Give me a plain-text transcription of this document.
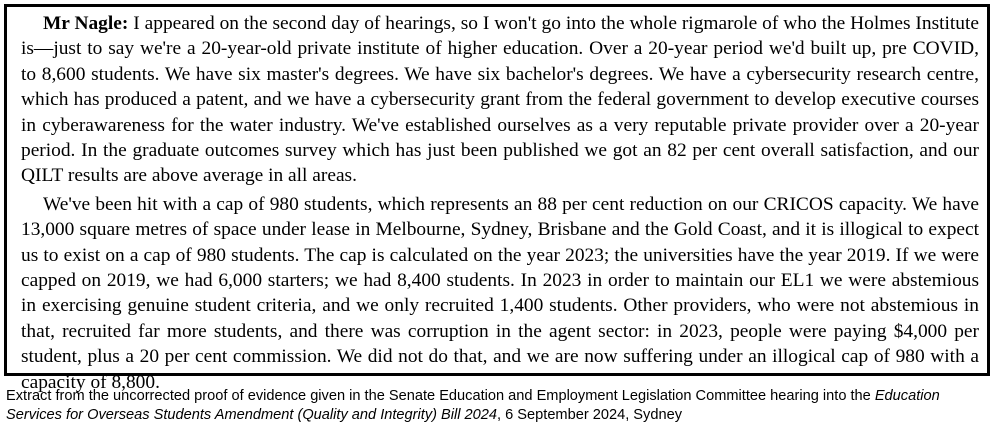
Mr Nagle: I appeared on the second day of hearings, so I won't go into the whole rigmarole of who the Holmes Institute is—just to say we're a 20-year-old private institute of higher education. Over a 20-year period we'd built up, pre COVID, to 8,600 students. We have six master's degrees. We have six bachelor's degrees. We have a cybersecurity research centre, which has produced a patent, and we have a cybersecurity grant from the federal government to develop executive courses in cyberawareness for the water industry. We've established ourselves as a very reputable private provider over a 20-year period. In the graduate outcomes survey which has just been published we got an 82 per cent overall satisfaction, and our QILT results are above average in all areas.

We've been hit with a cap of 980 students, which represents an 88 per cent reduction on our CRICOS capacity. We have 13,000 square metres of space under lease in Melbourne, Sydney, Brisbane and the Gold Coast, and it is illogical to expect us to exist on a cap of 980 students. The cap is calculated on the year 2023; the universities have the year 2019. If we were capped on 2019, we had 6,000 starters; we had 8,400 students. In 2023 in order to maintain our EL1 we were abstemious in exercising genuine student criteria, and we only recruited 1,400 students. Other providers, who were not abstemious in that, recruited far more students, and there was corruption in the agent sector: in 2023, people were paying $4,000 per student, plus a 20 per cent commission. We did not do that, and we are now suffering under an illogical cap of 980 with a capacity of 8,800.

Extract from the uncorrected proof of evidence given in the Senate Education and Employment Legislation Committee hearing into the Education Services for Overseas Students Amendment (Quality and Integrity) Bill 2024, 6 September 2024, Sydney
